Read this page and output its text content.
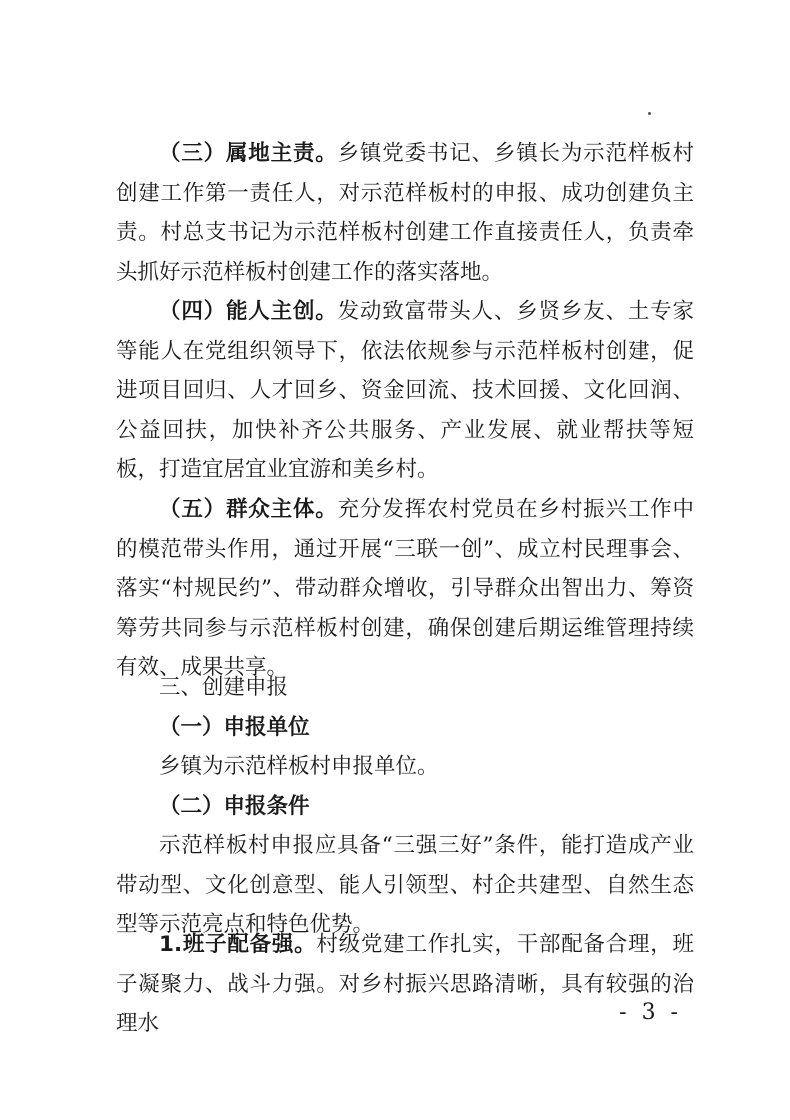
（三）属地主责。乡镇党委书记、乡镇长为示范样板村创建工作第一责任人，对示范样板村的申报、成功创建负主责。村总支书记为示范样板村创建工作直接责任人，负责牵头抓好示范样板村创建工作的落实落地。

（四）能人主创。发动致富带头人、乡贤乡友、土专家等能人在党组织领导下，依法依规参与示范样板村创建，促进项目回归、人才回乡、资金回流、技术回援、文化回润、公益回扶，加快补齐公共服务、产业发展、就业帮扶等短板，打造宜居宜业宜游和美乡村。

（五）群众主体。充分发挥农村党员在乡村振兴工作中的模范带头作用，通过开展“三联一创”、成立村民理事会、落实“村规民约”、带动群众增收，引导群众出智出力、筹资筹劳共同参与示范样板村创建，确保创建后期运维管理持续有效、成果共享。

三、创建申报

（一）申报单位

乡镇为示范样板村申报单位。

（二）申报条件

示范样板村申报应具备“三强三好”条件，能打造成产业带动型、文化创意型、能人引领型、村企共建型、自然生态型等示范亮点和特色优势。

1.班子配备强。村级党建工作扎实，干部配备合理，班子凝聚力、战斗力强。对乡村振兴思路清晰，具有较强的治理水	- 3 -
